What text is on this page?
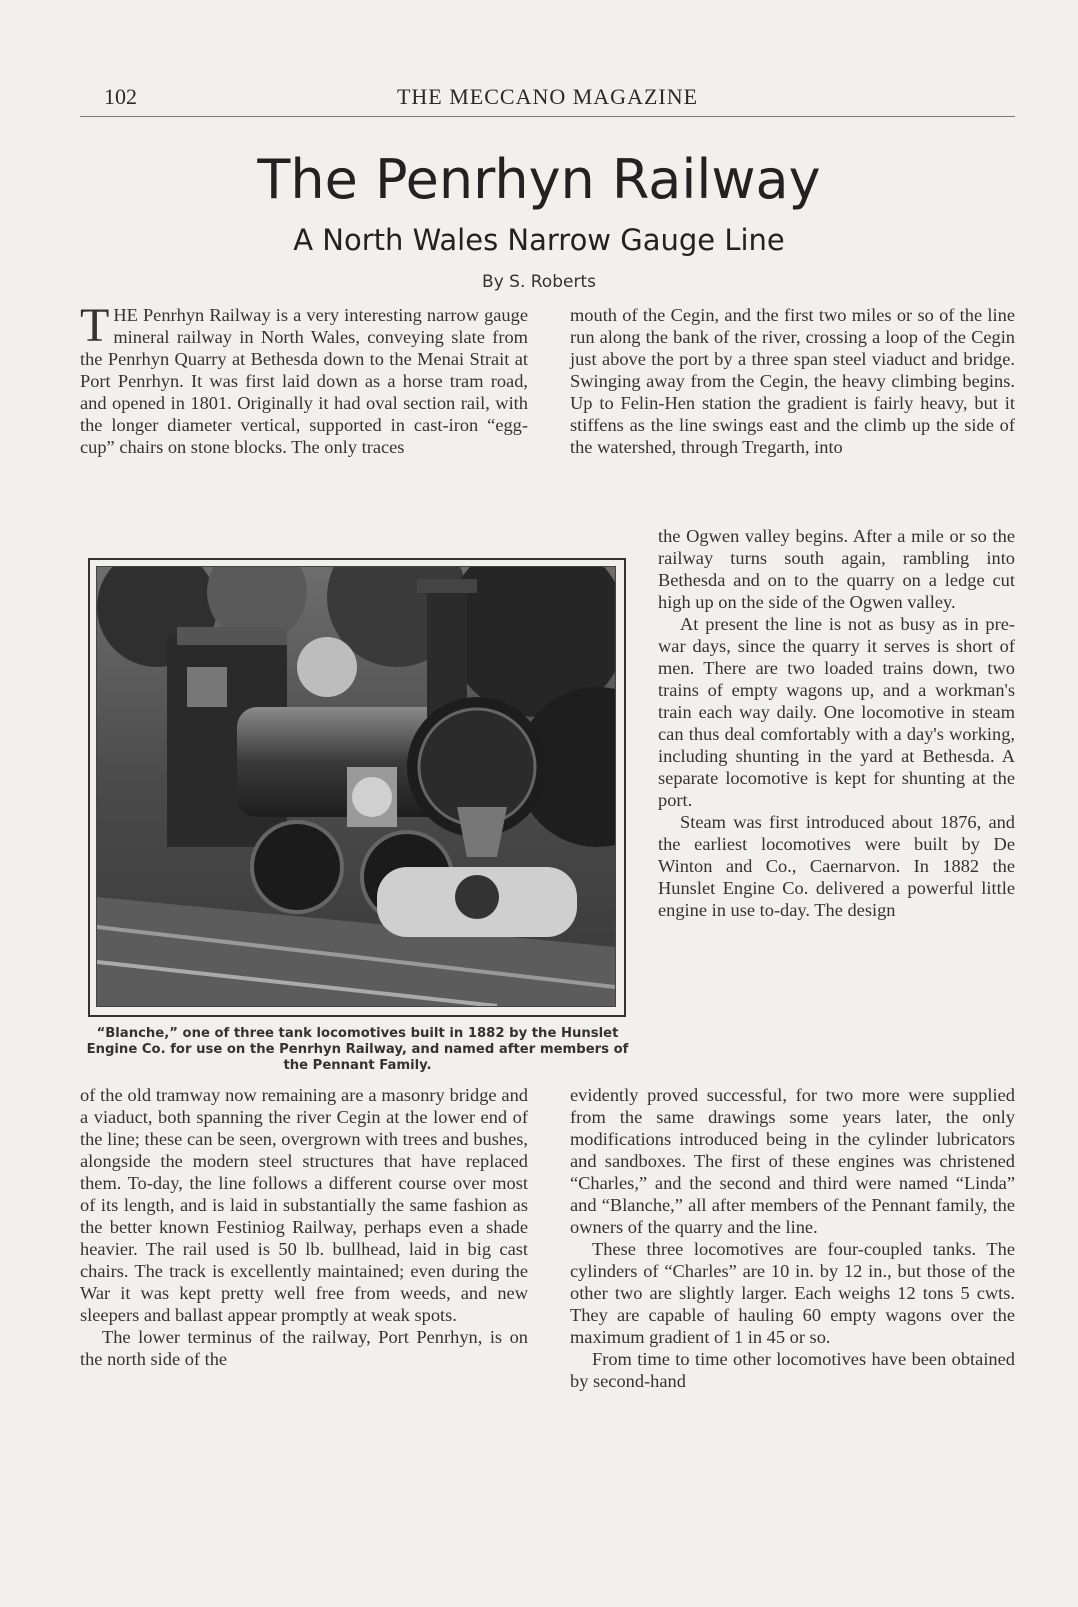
102	THE MECCANO MAGAZINE
The Penrhyn Railway
A North Wales Narrow Gauge Line
By S. Roberts

THE Penrhyn Railway is a very interesting narrow gauge mineral railway in North Wales, conveying slate from the Penrhyn Quarry at Bethesda down to the Menai Strait at Port Penrhyn. It was first laid down as a horse tram road, and opened in 1801. Originally it had oval section rail, with the longer diameter vertical, supported in cast-iron “egg-cup” chairs on stone blocks. The only traces

“Blanche,” one of three tank locomotives built in 1882 by the Hunslet Engine Co. for use on the Penrhyn Railway, and named after members of the Pennant Family.

of the old tramway now remaining are a masonry bridge and a viaduct, both spanning the river Cegin at the lower end of the line; these can be seen, overgrown with trees and bushes, alongside the modern steel structures that have replaced them. To-day, the line follows a different course over most of its length, and is laid in substantially the same fashion as the better known Festiniog Railway, perhaps even a shade heavier. The rail used is 50 lb. bullhead, laid in big cast chairs. The track is excellently maintained; even during the War it was kept pretty well free from weeds, and new sleepers and ballast appear promptly at weak spots.

The lower terminus of the railway, Port Penrhyn, is on the north side of the

mouth of the Cegin, and the first two miles or so of the line run along the bank of the river, crossing a loop of the Cegin just above the port by a three span steel viaduct and bridge. Swinging away from the Cegin, the heavy climbing begins. Up to Felin-Hen station the gradient is fairly heavy, but it stiffens as the line swings east and the climb up the side of the watershed, through Tregarth, into

the Ogwen valley begins. After a mile or so the railway turns south again, rambling into Bethesda and on to the quarry on a ledge cut high up on the side of the Ogwen valley.

At present the line is not as busy as in pre-war days, since the quarry it serves is short of men. There are two loaded trains down, two trains of empty wagons up, and a workman's train each way daily. One locomotive in steam can thus deal comfortably with a day's working, including shunting in the yard at Bethesda. A separate locomotive is kept for shunting at the port.

Steam was first introduced about 1876, and the earliest locomotives were built by De Winton and Co., Caernarvon. In 1882 the Hunslet Engine Co. delivered a powerful little engine in use to-day. The design

evidently proved successful, for two more were supplied from the same drawings some years later, the only modifications introduced being in the cylinder lubricators and sandboxes. The first of these engines was christened “Charles,” and the second and third were named “Linda” and “Blanche,” all after members of the Pennant family, the owners of the quarry and the line.

These three locomotives are four-coupled tanks. The cylinders of “Charles” are 10 in. by 12 in., but those of the other two are slightly larger. Each weighs 12 tons 5 cwts. They are capable of hauling 60 empty wagons over the maximum gradient of 1 in 45 or so.

From time to time other locomotives have been obtained by second-hand
